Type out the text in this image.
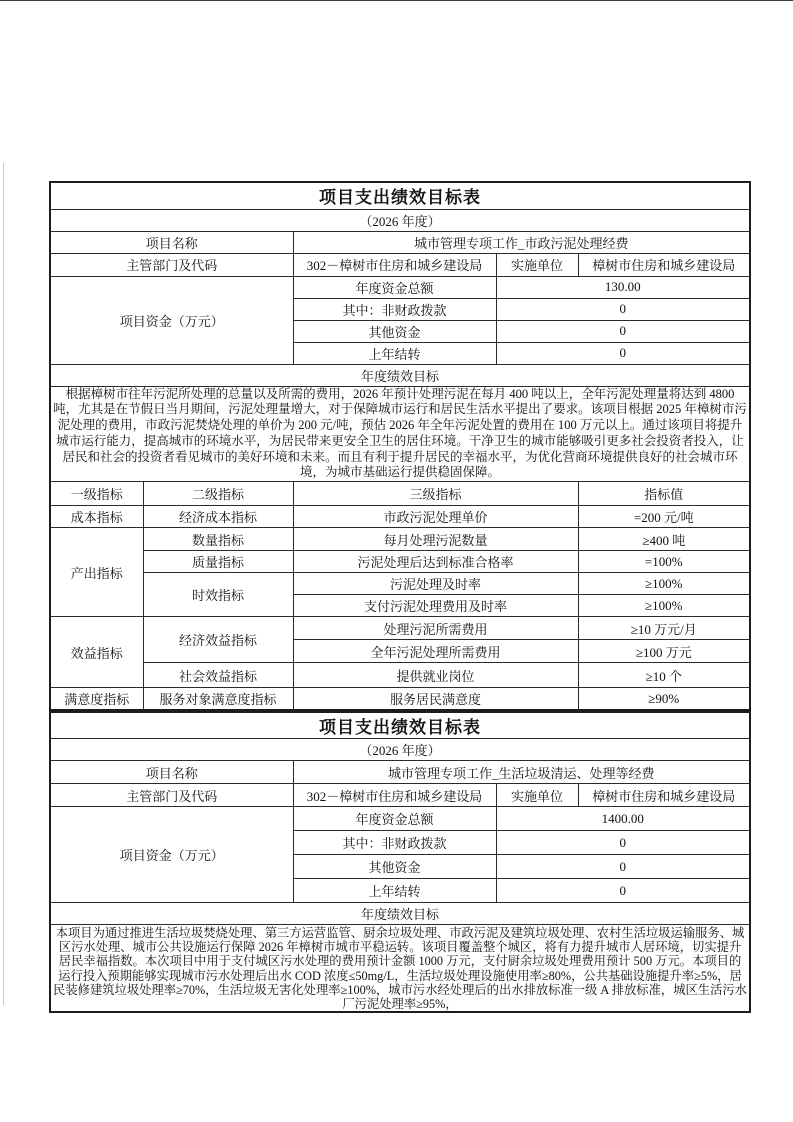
项目支出绩效目标表				
（2026 年度）				
项目名称		城市管理专项工作_市政污泥处理经费		
主管部门及代码		302－樟树市住房和城乡建设局	实施单位	樟树市住房和城乡建设局
项目资金（万元）		年度资金总额	130.00	
		其中：非财政拨款	0	
		其他资金	0	
		上年结转	0	
年度绩效目标				
根据樟树市往年污泥所处理的总量以及所需的费用，2026 年预计处理污泥在每月 400 吨以上，全年污泥处理量将达到 4800 吨，尤其是在节假日当月期间，污泥处理量增大，对于保障城市运行和居民生活水平提出了要求。该项目根据 2025 年樟树市污泥处理的费用，市政污泥焚烧处理的单价为 200 元/吨，预估 2026 年全年污泥处置的费用在 100 万元以上。通过该项目将提升城市运行能力，提高城市的环境水平，为居民带来更安全卫生的居住环境。干净卫生的城市能够吸引更多社会投资者投入，让居民和社会的投资者看见城市的美好环境和未来。而且有利于提升居民的幸福水平，为优化营商环境提供良好的社会城市环境，为城市基础运行提供稳固保障。				
一级指标	二级指标	三级指标		指标值
成本指标	经济成本指标	市政污泥处理单价		=200 元/吨
产出指标	数量指标	每月处理污泥数量		≥400 吨
	质量指标	污泥处理后达到标准合格率		=100%
	时效指标	污泥处理及时率		≥100%
		支付污泥处理费用及时率		≥100%
效益指标	经济效益指标	处理污泥所需费用		≥10 万元/月
		全年污泥处理所需费用		≥100 万元
	社会效益指标	提供就业岗位		≥10 个
满意度指标	服务对象满意度指标	服务居民满意度		≥90%
项目支出绩效目标表			
（2026 年度）			
项目名称	城市管理专项工作_生活垃圾清运、处理等经费		
主管部门及代码	302－樟树市住房和城乡建设局	实施单位	樟树市住房和城乡建设局
项目资金（万元）	年度资金总额	1400.00	
	其中：非财政拨款	0	
	其他资金	0	
	上年结转	0	
年度绩效目标			
本项目为通过推进生活垃圾焚烧处理、第三方运营监管、厨余垃圾处理、市政污泥及建筑垃圾处理、农村生活垃圾运输服务、城区污水处理、城市公共设施运行保障 2026 年樟树市城市平稳运转。该项目覆盖整个城区，将有力提升城市人居环境，切实提升居民幸福指数。本次项目中用于支付城区污水处理的费用预计金额 1000 万元，支付厨余垃圾处理费用预计 500 万元。本项目的运行投入预期能够实现城市污水处理后出水 COD 浓度≤50mg/L，生活垃圾处理设施使用率≥80%，公共基础设施提升率≥5%，居民装修建筑垃圾处理率≥70%，生活垃圾无害化处理率≥100%，城市污水经处理后的出水排放标准一级 A 排放标准，城区生活污水厂污泥处理率≥95%，			
